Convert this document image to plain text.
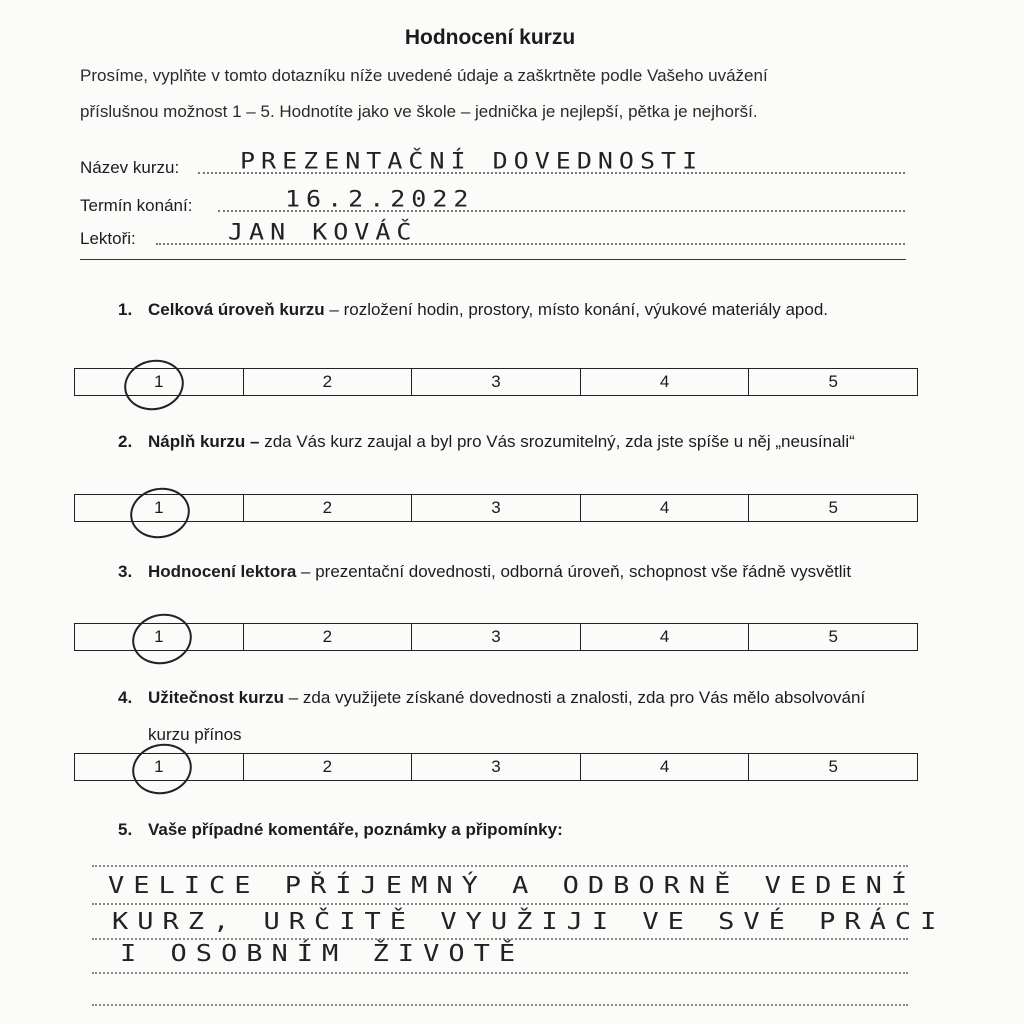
Hodnocení kurzu
Prosíme, vyplňte v tomto dotazníku níže uvedené údaje a zaškrtněte podle Vašeho uvážení
příslušnou možnost 1 – 5. Hodnotíte jako ve škole – jednička je nejlepší, pětka je nejhorší.
Název kurzu: PREZENTAČNÍ DOVEDNOSTI
Termín konání:	16.2.2022
Lektoři:	JAN KOVÁČ
1. Celková úroveň kurzu – rozložení hodin, prostory, místo konání, výukové materiály apod.
1	2	3	4	5
2. Náplň kurzu – zda Vás kurz zaujal a byl pro Vás srozumitelný, zda jste spíše u něj „neusínali“
1	2	3	4	5
3. Hodnocení lektora – prezentační dovednosti, odborná úroveň, schopnost vše řádně vysvětlit
1	2	3	4	5
4. Užitečnost kurzu – zda využijete získané dovednosti a znalosti, zda pro Vás mělo absolvování kurzu přínos
1	2	3	4	5
5. Vaše případné komentáře, poznámky a připomínky:
VELICE PŘÍJEMNÝ A ODBORNĚ VEDENÍ
KURZ, URČITĚ VYUŽIJI VE SVÉ PRÁCI
I OSOBNÍM ŽIVOTĚ
